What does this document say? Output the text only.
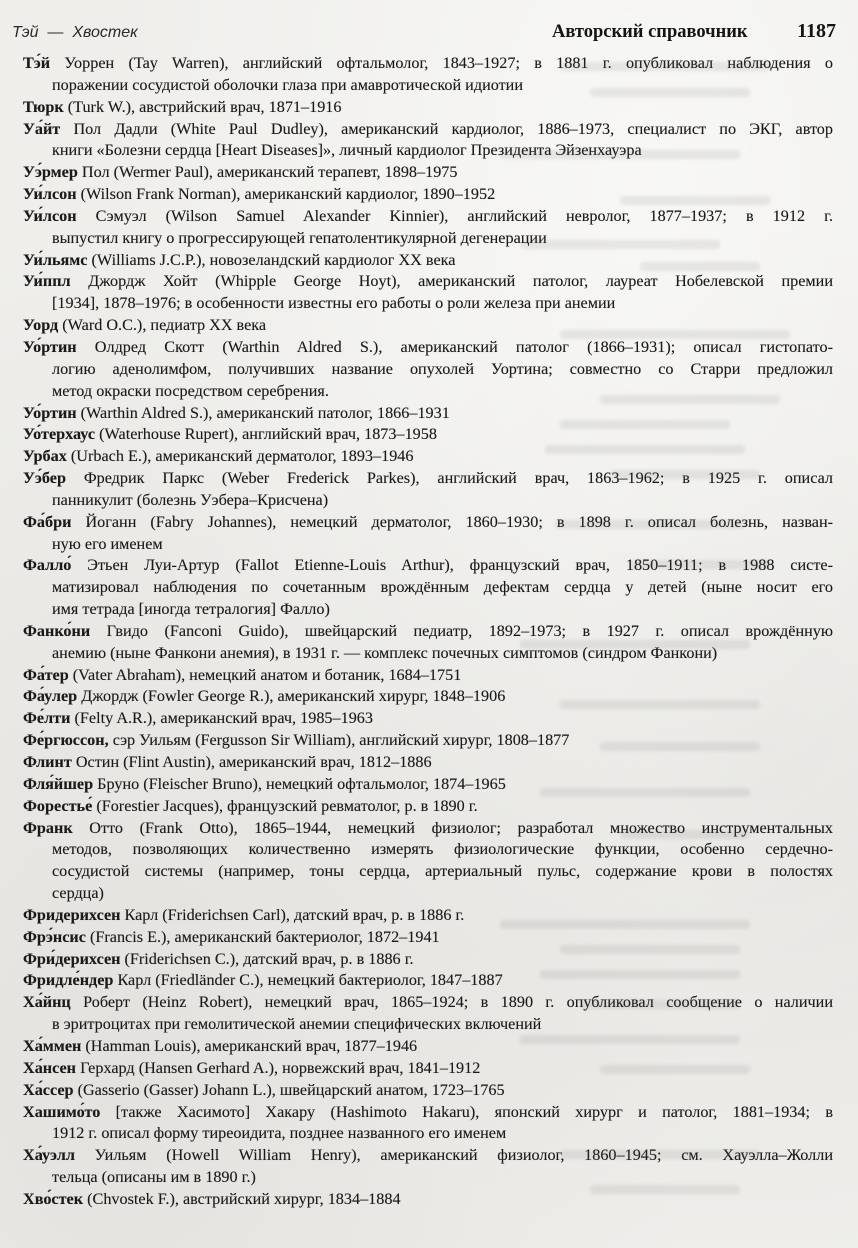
Тэй  —  Хвостек	Авторский справочник 1187

Тэ́й Уоррен (Tay Warren), английский офтальмолог, 1843–1927; в 1881 г. опубликовал наблюдения о
поражении сосудистой оболочки глаза при амавротической идиотии

Тюрк (Turk W.), австрийский врач, 1871–1916

Уа́йт Пол Дадли (White Paul Dudley), американский кардиолог, 1886–1973, специалист по ЭКГ, автор
книги «Болезни сердца [Heart Diseases]», личный кардиолог Президента Эйзенхауэра

Уэ́рмер Пол (Wermer Paul), американский терапевт, 1898–1975

Уи́лсон (Wilson Frank Norman), американский кардиолог, 1890–1952

Уи́лсон Сэмуэл (Wilson Samuel Alexander Kinnier), английский невролог, 1877–1937; в 1912 г.
выпустил книгу о прогрессирующей гепатолентикулярной дегенерации

Уи́льямс (Williams J.C.P.), новозеландский кардиолог XX века

Уи́ппл Джордж Хойт (Whipple George Hoyt), американский патолог, лауреат Нобелевской премии
[1934], 1878–1976; в особенности известны его работы о роли железа при анемии

Уорд (Ward O.C.), педиатр XX века

Уо́ртин Олдред Скотт (Warthin Aldred S.), американский патолог (1866–1931); описал гистопато-
логию аденолимфом, получивших название опухолей Уортина; совместно со Старри предложил
метод окраски посредством серебрения.

Уо́ртин (Warthin Aldred S.), американский патолог, 1866–1931

Уо́терхаус (Waterhouse Rupert), английский врач, 1873–1958

Урбах (Urbach E.), американский дерматолог, 1893–1946

Уэ́бер Фредрик Паркс (Weber Frederick Parkes), английский врач, 1863–1962; в 1925 г. описал
панникулит (болезнь Уэбера–Крисчена)

Фа́бри Йоганн (Fabry Johannes), немецкий дерматолог, 1860–1930; в 1898 г. описал болезнь, назван-
ную его именем

Фалло́ Этьен Луи-Артур (Fallot Etienne-Louis Arthur), французский врач, 1850–1911; в 1988 систе-
матизировал наблюдения по сочетанным врождённым дефектам сердца у детей (ныне носит его
имя тетрада [иногда тетралогия] Фалло)

Фанко́ни Гвидо (Fanconi Guido), швейцарский педиатр, 1892–1973; в 1927 г. описал врождённую
анемию (ныне Фанкони анемия), в 1931 г. — комплекс почечных симптомов (синдром Фанкони)

Фа́тер (Vater Abraham), немецкий анатом и ботаник, 1684–1751

Фа́улер Джордж (Fowler George R.), американский хирург, 1848–1906

Фе́лти (Felty A.R.), американский врач, 1985–1963

Фе́ргюссон, сэр Уильям (Fergusson Sir William), английский хирург, 1808–1877

Флинт Остин (Flint Austin), американский врач, 1812–1886

Фля́йшер Бруно (Fleischer Bruno), немецкий офтальмолог, 1874–1965

Форестье́ (Forestier Jacques), французский ревматолог, р. в 1890 г.

Франк Отто (Frank Otto), 1865–1944, немецкий физиолог; разработал множество инструментальных
методов, позволяющих количественно измерять физиологические функции, особенно сердечно-
сосудистой системы (например, тоны сердца, артериальный пульс, содержание крови в полостях
сердца)

Фридерихсен Карл (Friderichsen Carl), датский врач, р. в 1886 г.

Фрэ́нсис (Francis E.), американский бактериолог, 1872–1941

Фри́дерихсен (Friderichsen C.), датский врач, р. в 1886 г.

Фридле́ндер Карл (Friedländer C.), немецкий бактериолог, 1847–1887

Ха́йнц Роберт (Heinz Robert), немецкий врач, 1865–1924; в 1890 г. опубликовал сообщение о наличии
в эритроцитах при гемолитической анемии специфических включений

Ха́ммен (Hamman Louis), американский врач, 1877–1946

Ха́нсен Герхард (Hansen Gerhard A.), норвежский врач, 1841–1912

Ха́ссер (Gasserio (Gasser) Johann L.), швейцарский анатом, 1723–1765

Хашимо́то [также Хасимото] Хакару (Hashimoto Hakaru), японский хирург и патолог, 1881–1934; в
1912 г. описал форму тиреоидита, позднее названного его именем

Ха́уэлл Уильям (Howell William Henry), американский физиолог, 1860–1945; см. Хауэлла–Жолли
тельца (описаны им в 1890 г.)

Хво́стек (Chvostek F.), австрийский хирург, 1834–1884
